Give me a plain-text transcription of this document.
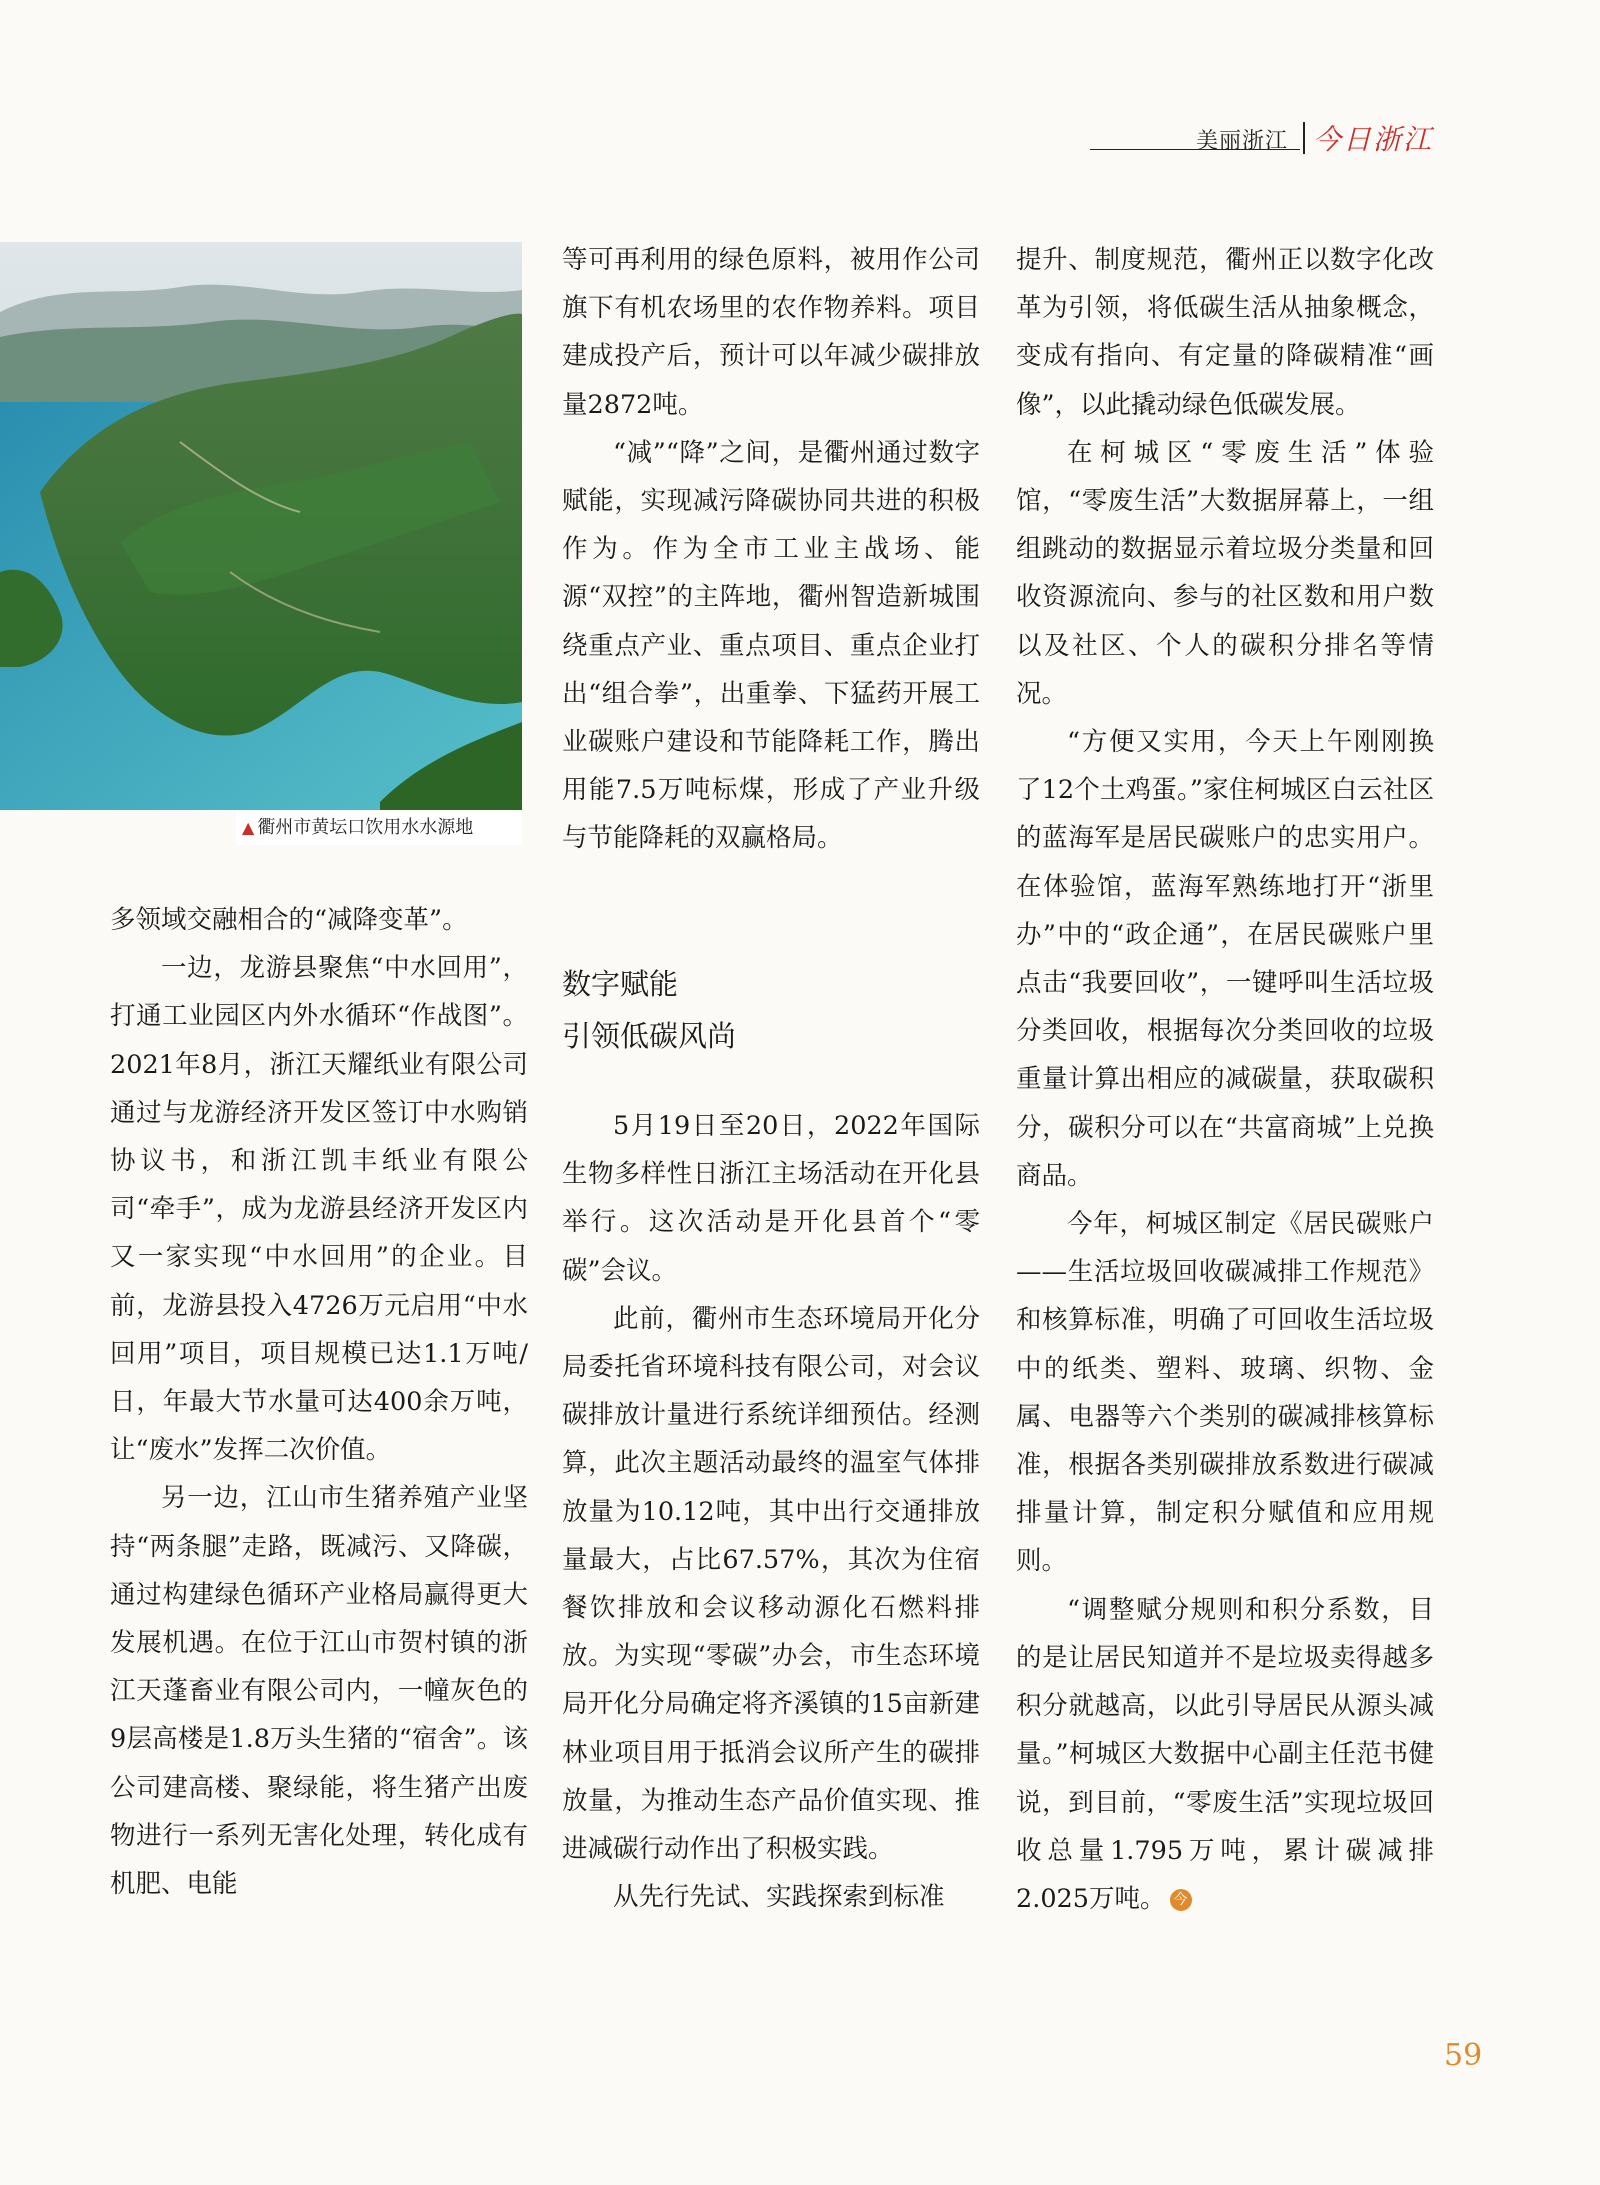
美丽浙江 今日浙江
▲ 衢州市黄坛口饮用水水源地

多领域交融相合的“减降变革”。

一边，龙游县聚焦“中水回用”，打通工业园区内外水循环“作战图”。2021年8月，浙江天耀纸业有限公司通过与龙游经济开发区签订中水购销协议书，和浙江凯丰纸业有限公司“牵手”，成为龙游县经济开发区内又一家实现“中水回用”的企业。目前，龙游县投入4726万元启用“中水回用”项目，项目规模已达1.1万吨/日，年最大节水量可达400余万吨，让“废水”发挥二次价值。

另一边，江山市生猪养殖产业坚持“两条腿”走路，既减污、又降碳，通过构建绿色循环产业格局赢得更大发展机遇。在位于江山市贺村镇的浙江天蓬畜业有限公司内，一幢灰色的9层高楼是1.8万头生猪的“宿舍”。该公司建高楼、聚绿能，将生猪产出废物进行一系列无害化处理，转化成有机肥、电能

等可再利用的绿色原料，被用作公司旗下有机农场里的农作物养料。项目建成投产后，预计可以年减少碳排放量2872吨。

“减”“降”之间，是衢州通过数字赋能，实现减污降碳协同共进的积极作为。作为全市工业主战场、能源“双控”的主阵地，衢州智造新城围绕重点产业、重点项目、重点企业打出“组合拳”，出重拳、下猛药开展工业碳账户建设和节能降耗工作，腾出用能7.5万吨标煤，形成了产业升级与节能降耗的双赢格局。

数字赋能
引领低碳风尚

5月19日至20日，2022年国际生物多样性日浙江主场活动在开化县举行。这次活动是开化县首个“零碳”会议。

此前，衢州市生态环境局开化分局委托省环境科技有限公司，对会议碳排放计量进行系统详细预估。经测算，此次主题活动最终的温室气体排放量为10.12吨，其中出行交通排放量最大，占比67.57%，其次为住宿餐饮排放和会议移动源化石燃料排放。为实现“零碳”办会，市生态环境局开化分局确定将齐溪镇的15亩新建林业项目用于抵消会议所产生的碳排放量，为推动生态产品价值实现、推进减碳行动作出了积极实践。

从先行先试、实践探索到标准

提升、制度规范，衢州正以数字化改革为引领，将低碳生活从抽象概念，变成有指向、有定量的降碳精准“画像”，以此撬动绿色低碳发展。

在柯城区“零废生活”体验馆，“零废生活”大数据屏幕上，一组组跳动的数据显示着垃圾分类量和回收资源流向、参与的社区数和用户数以及社区、个人的碳积分排名等情况。

“方便又实用，今天上午刚刚换了12个土鸡蛋。”家住柯城区白云社区的蓝海军是居民碳账户的忠实用户。在体验馆，蓝海军熟练地打开“浙里办”中的“政企通”，在居民碳账户里点击“我要回收”，一键呼叫生活垃圾分类回收，根据每次分类回收的垃圾重量计算出相应的减碳量，获取碳积分，碳积分可以在“共富商城”上兑换商品。

今年，柯城区制定《居民碳账户——生活垃圾回收碳减排工作规范》和核算标准，明确了可回收生活垃圾中的纸类、塑料、玻璃、织物、金属、电器等六个类别的碳减排核算标准，根据各类别碳排放系数进行碳减排量计算，制定积分赋值和应用规则。

“调整赋分规则和积分系数，目的是让居民知道并不是垃圾卖得越多积分就越高，以此引导居民从源头减量。”柯城区大数据中心副主任范书健说，到目前，“零废生活”实现垃圾回收总量1.795万吨，累计碳减排2.025万吨。 今

59
